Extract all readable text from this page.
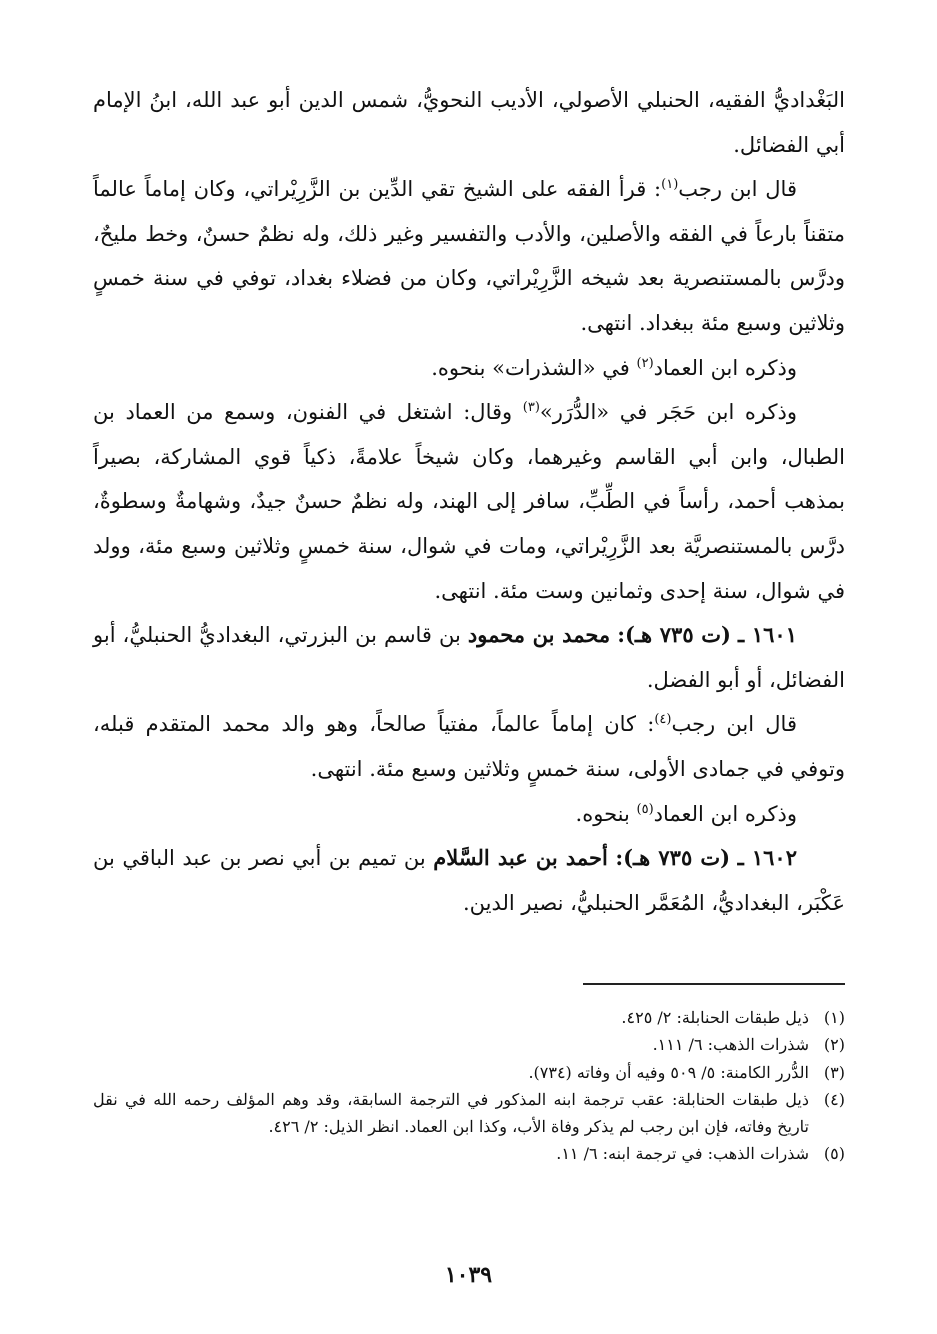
البَغْداديُّ الفقيه، الحنبلي الأصولي، الأديب النحويُّ، شمس الدين أبو عبد الله، ابنُ الإمام أبي الفضائل.

قال ابن رجب$^{(١)}$: قرأ الفقه على الشيخ تقي الدِّين بن الزَّرِيْراتي، وكان إماماً عالماً متقناً بارعاً في الفقه والأصلين، والأدب والتفسير وغير ذلك، وله نظمٌ حسنٌ، وخط مليحٌ، ودرَّس بالمستنصرية بعد شيخه الزَّرِيْراتي، وكان من فضلاء بغداد، توفي في سنة خمسٍ وثلاثين وسبع مئة ببغداد. انتهى.

وذكره ابن العماد$^{(٢)}$ في «الشذرات» بنحوه.

وذكره ابن حَجَر في «الدُّرَر»$^{(٣)}$ وقال: اشتغل في الفنون، وسمع من العماد بن الطبال، وابن أبي القاسم وغيرهما، وكان شيخاً علامةً، ذكياً قوي المشاركة، بصيراً بمذهب أحمد، رأساً في الطِّبِّ، سافر إلى الهند، وله نظمٌ حسنٌ جيدٌ، وشهامةٌ وسطوةٌ، درَّس بالمستنصريَّة بعد الزَّرِيْراتي، ومات في شوال، سنة خمسٍ وثلاثين وسبع مئة، وولد في شوال، سنة إحدى وثمانين وست مئة. انتهى.

١٦٠١ ـ (ت ٧٣٥ هـ): محمد بن محمود بن قاسم بن البزرتي، البغداديُّ الحنبليُّ، أبو الفضائل، أو أبو الفضل.

قال ابن رجب$^{(٤)}$: كان إماماً عالماً، مفتياً صالحاً، وهو والد محمد المتقدم قبله، وتوفي في جمادى الأولى، سنة خمسٍ وثلاثين وسبع مئة. انتهى.

وذكره ابن العماد$^{(٥)}$ بنحوه.

١٦٠٢ ـ (ت ٧٣٥ هـ): أحمد بن عبد السَّلام بن تميم بن أبي نصر بن عبد الباقي بن عَكْبَر، البغداديُّ، المُعَمَّر الحنبليُّ، نصير الدين.

(١)
ذيل طبقات الحنابلة: ٢/ ٤٢٥.
(٢)
شذرات الذهب: ٦/ ١١١.
(٣)
الدُّرر الكامنة: ٥/ ٥٠٩ وفيه أن وفاته (٧٣٤).
(٤)
ذيل طبقات الحنابلة: عقب ترجمة ابنه المذكور في الترجمة السابقة، وقد وهم المؤلف رحمه الله في نقل تاريخ وفاته، فإن ابن رجب لم يذكر وفاة الأب، وكذا ابن العماد. انظر الذيل: ٢/ ٤٢٦.
(٥)
شذرات الذهب: في ترجمة ابنه: ٦/ ١١.
١٠٣٩
